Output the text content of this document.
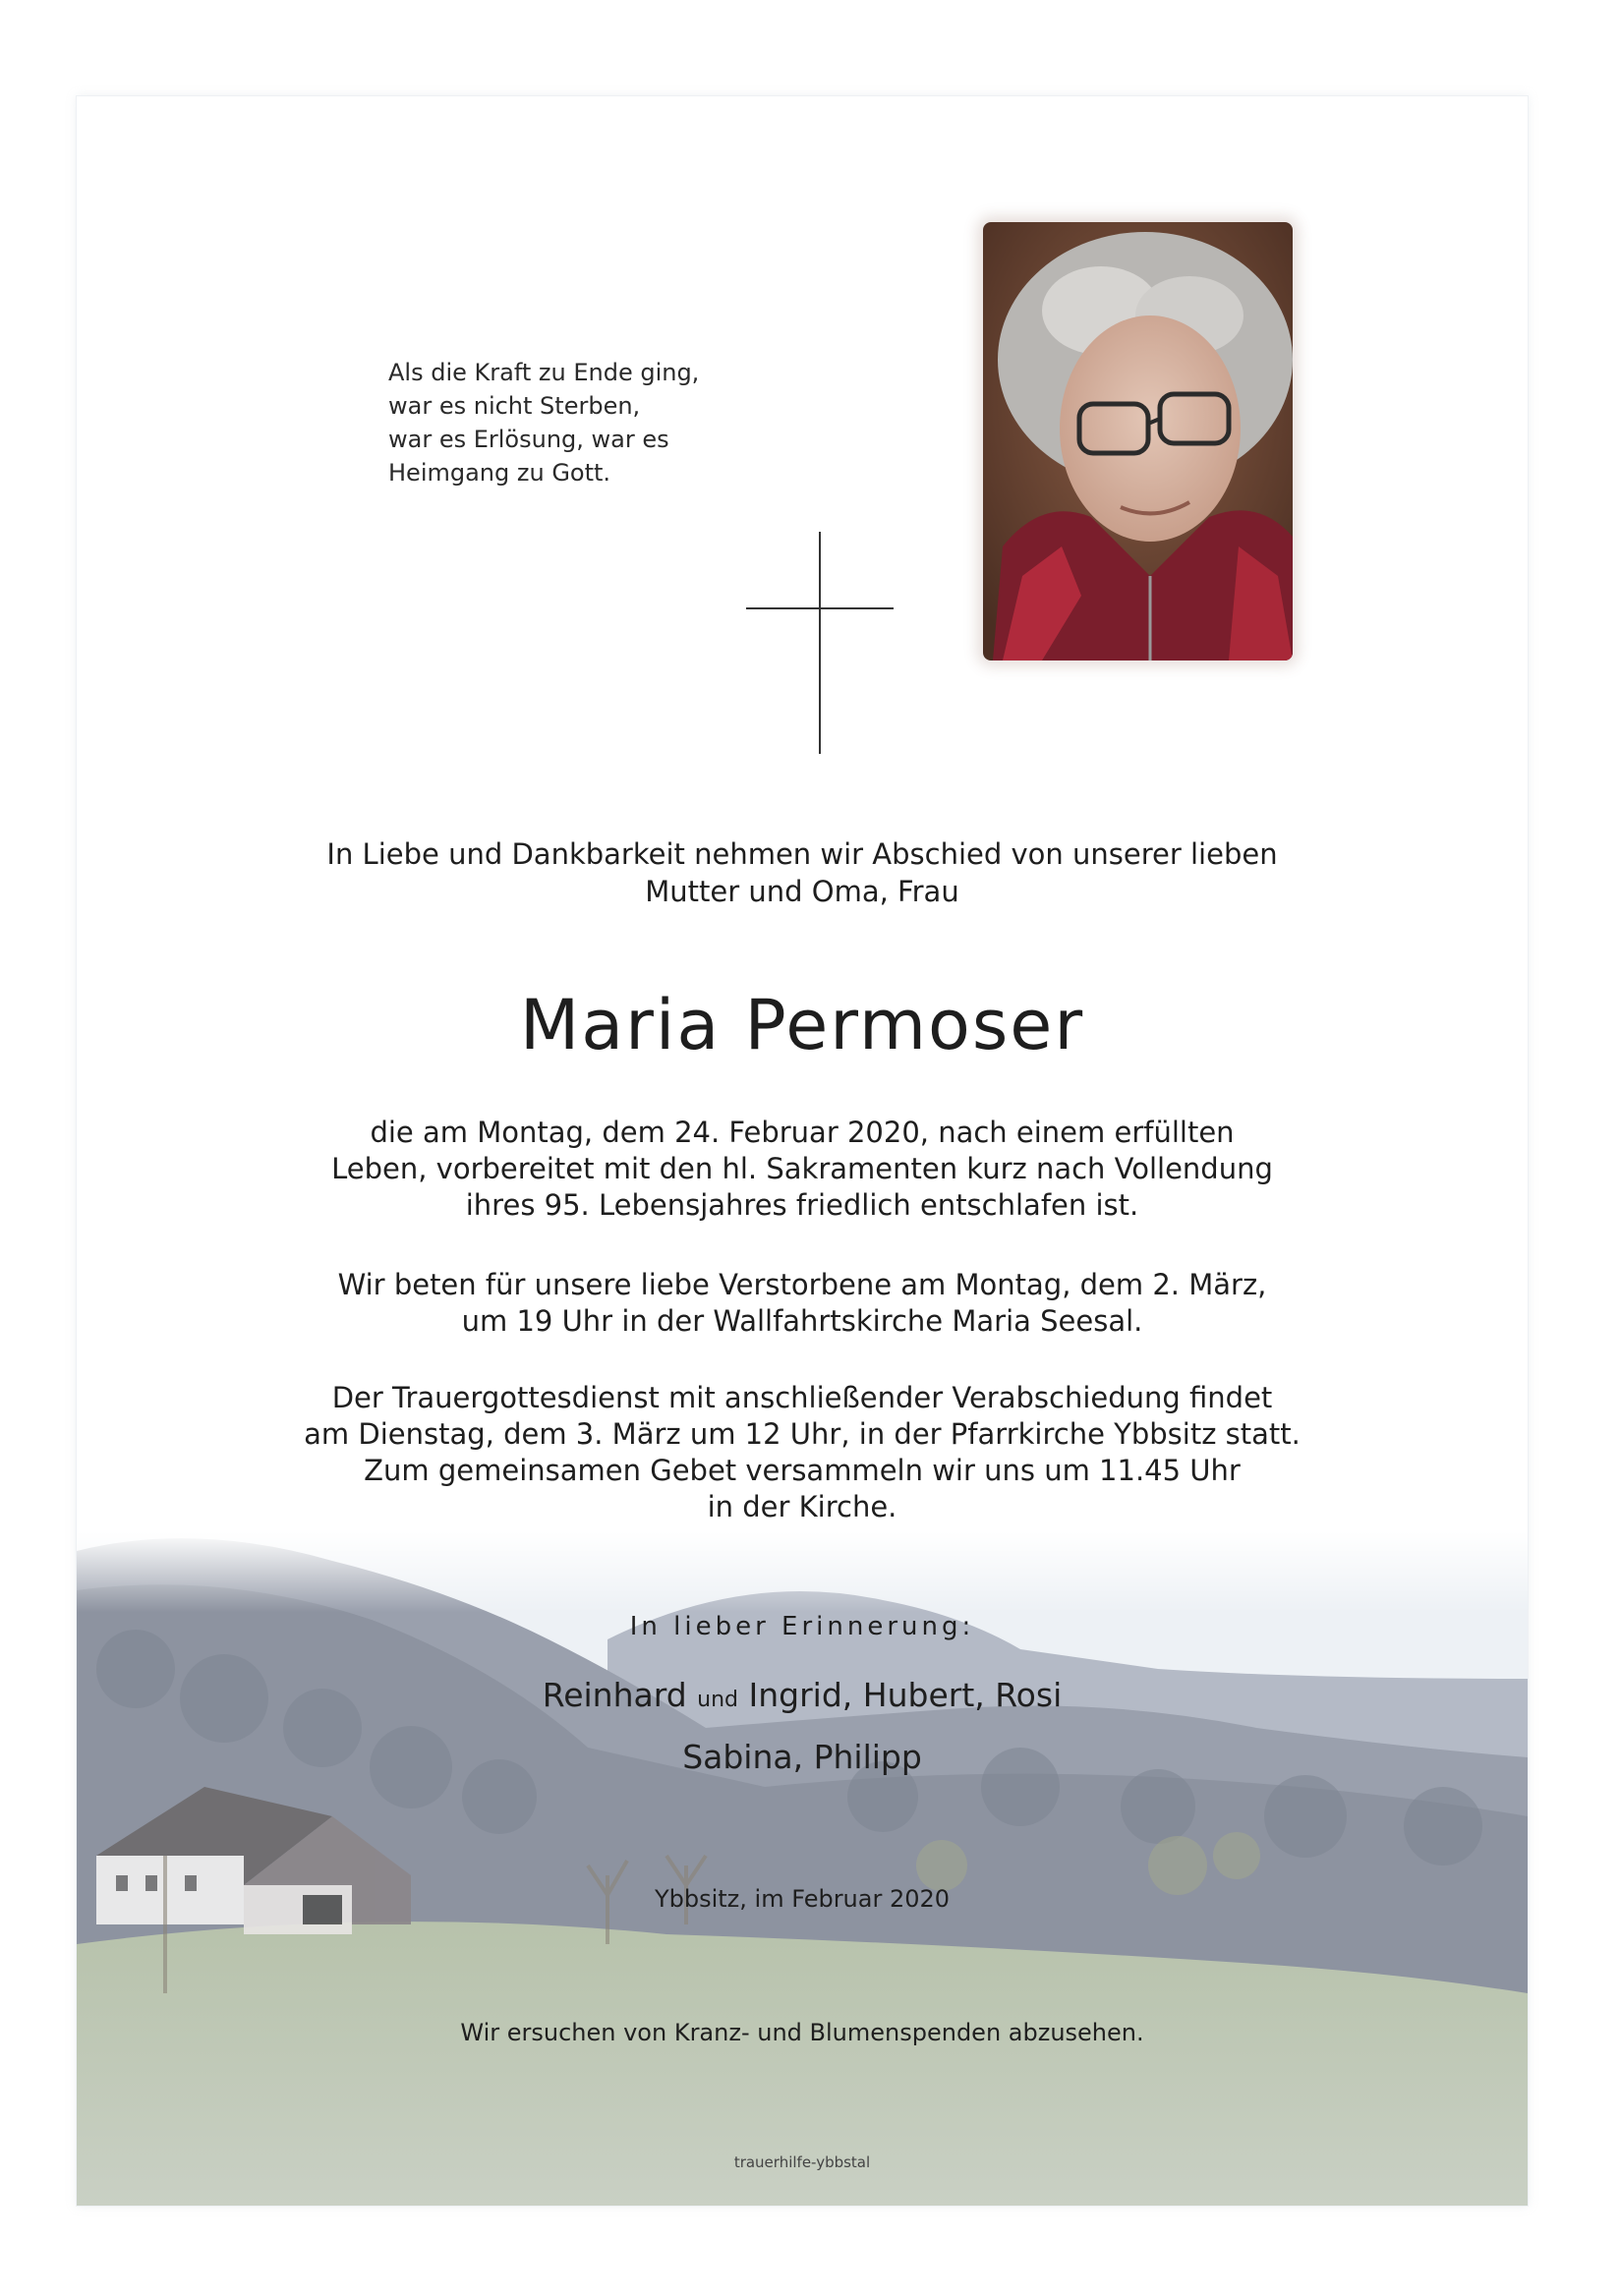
Als die Kraft zu Ende ging,
war es nicht Sterben,
war es Erlösung, war es
Heimgang zu Gott.
In Liebe und Dankbarkeit nehmen wir Abschied von unserer lieben
Mutter und Oma, Frau
Maria Permoser
die am Montag, dem 24. Februar 2020, nach einem erfüllten
Leben, vorbereitet mit den hl. Sakramenten kurz nach Vollendung
ihres 95. Lebensjahres friedlich entschlafen ist.
Wir beten für unsere liebe Verstorbene am Montag, dem 2. März,
um 19 Uhr in der Wallfahrtskirche Maria Seesal.
Der Trauergottesdienst mit anschließender Verabschiedung findet
am Dienstag, dem 3. März um 12 Uhr, in der Pfarrkirche Ybbsitz statt.
Zum gemeinsamen Gebet versammeln wir uns um 11.45 Uhr
in der Kirche.
In lieber Erinnerung:
Reinhard und Ingrid, Hubert, Rosi
Sabina, Philipp
Ybbsitz, im Februar 2020
Wir ersuchen von Kranz- und Blumenspenden abzusehen.
trauerhilfe-ybbstal
